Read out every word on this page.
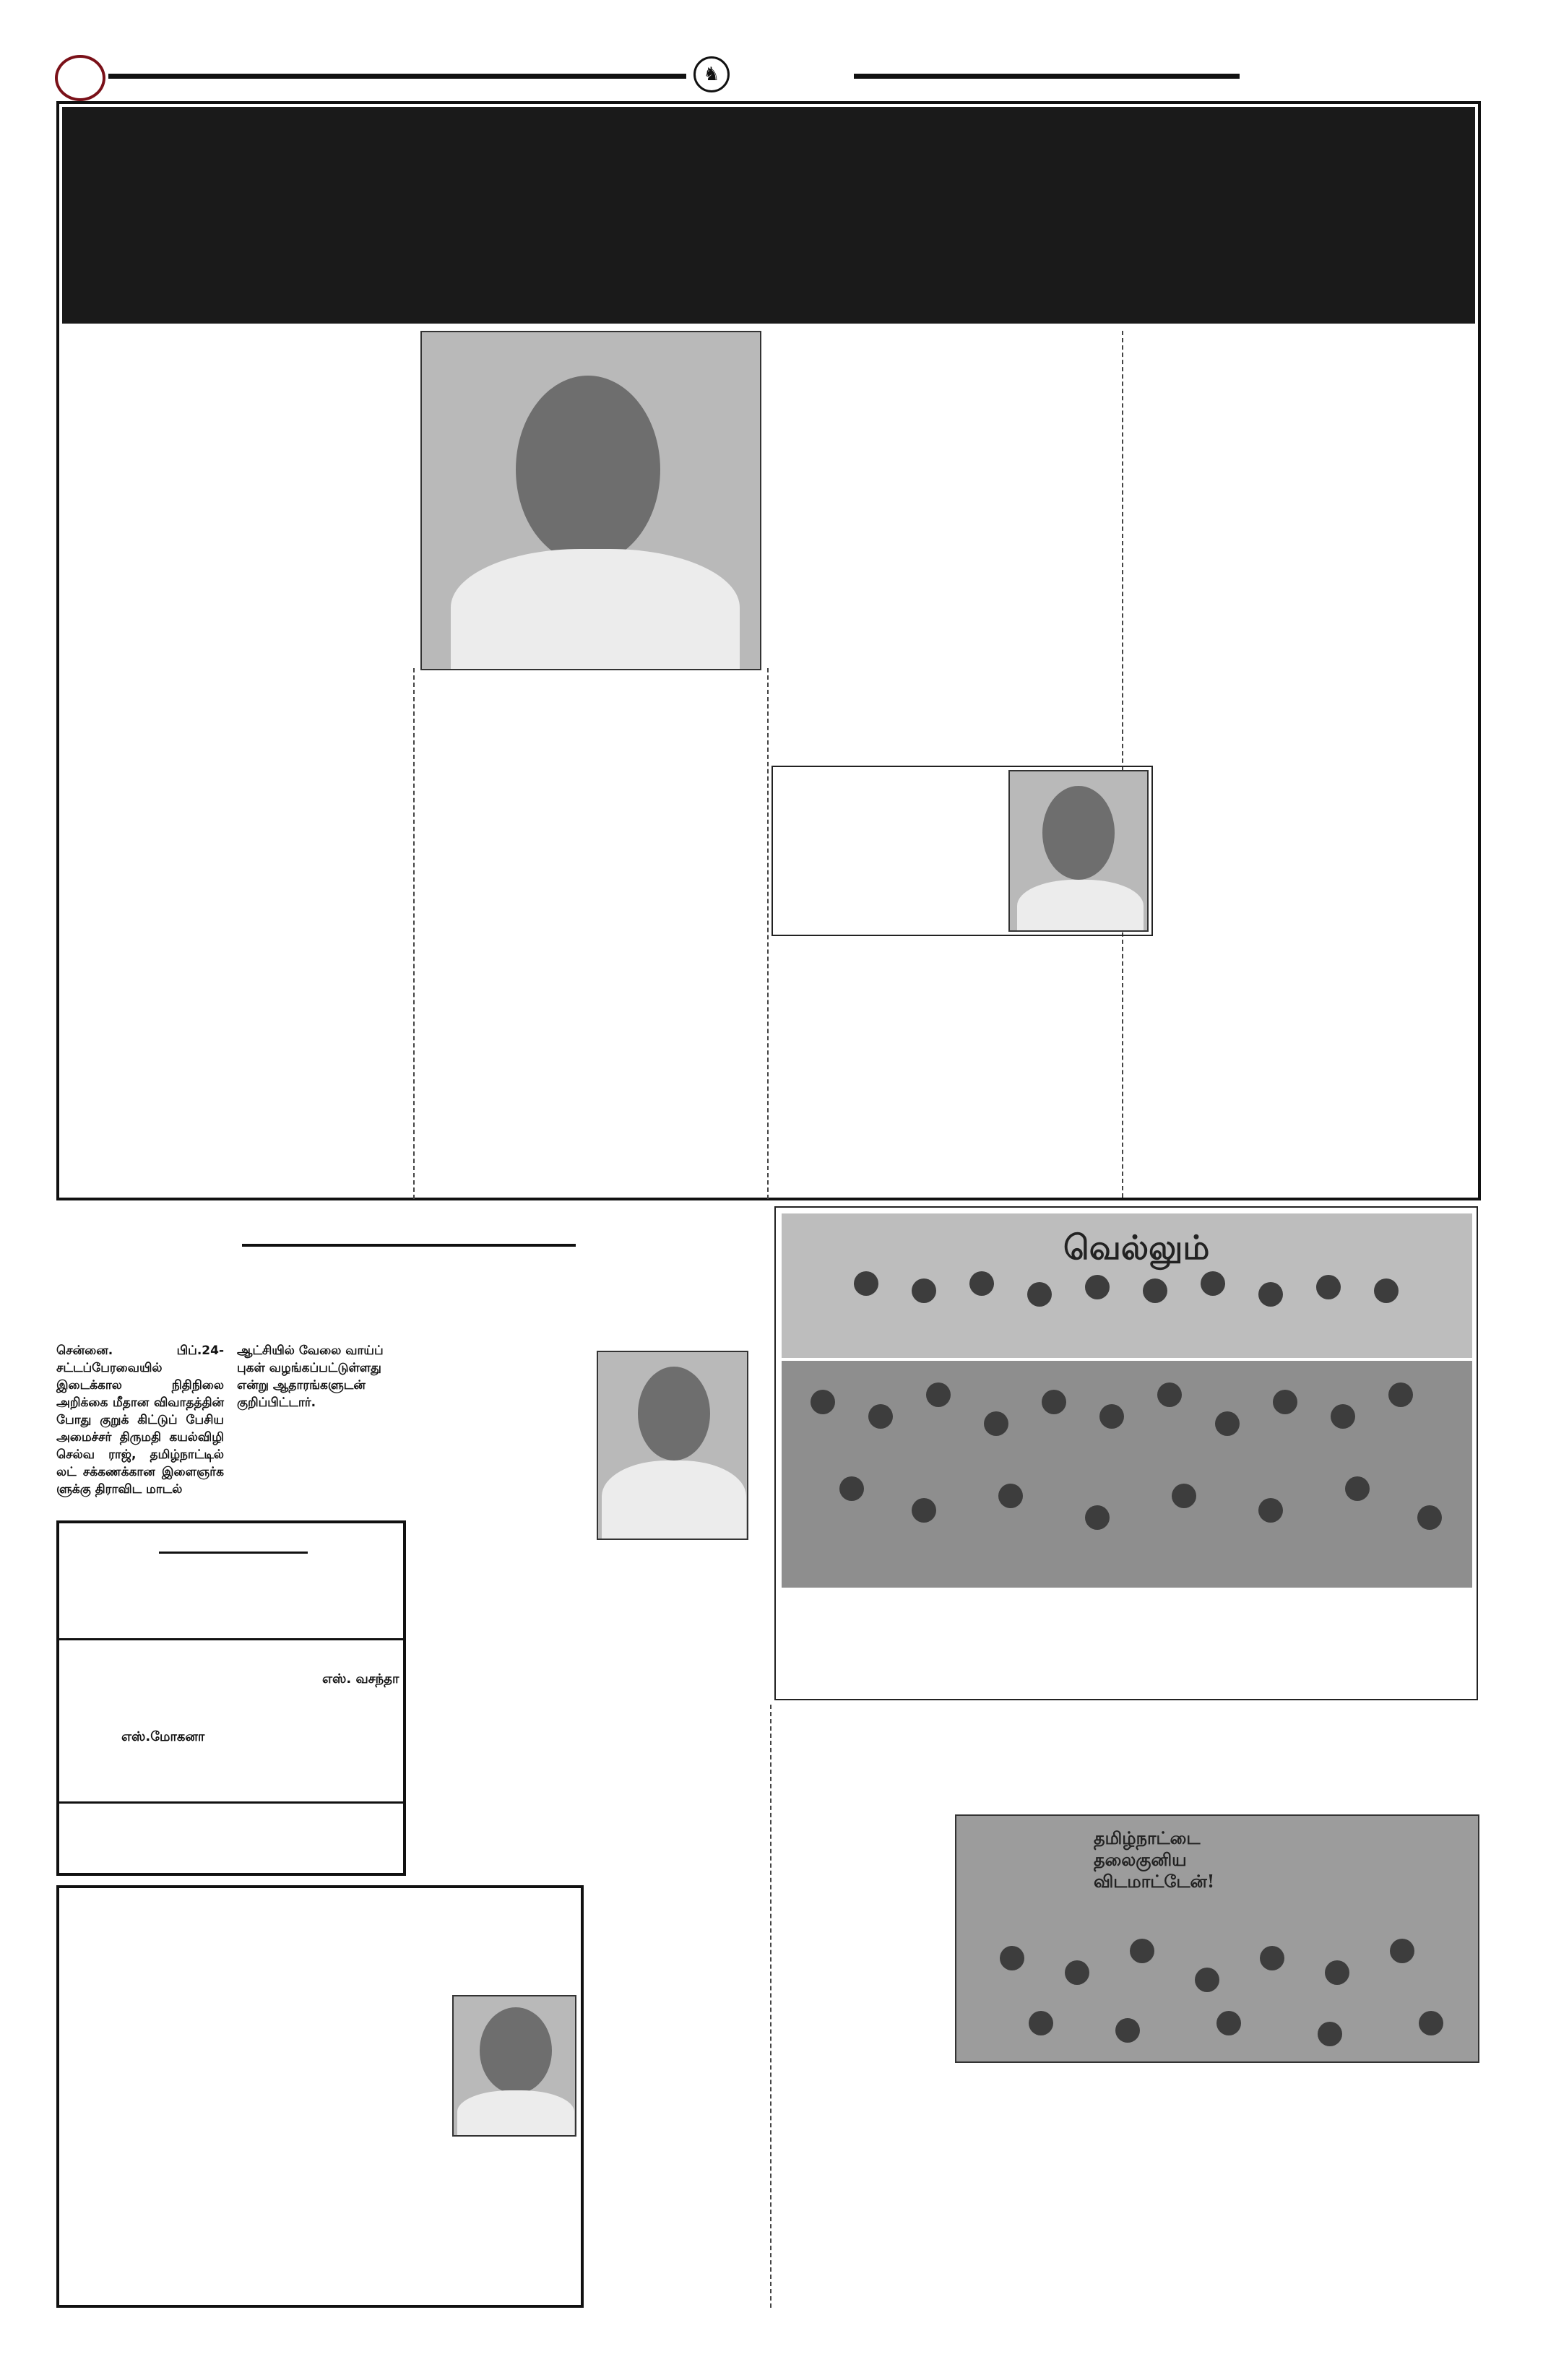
♞
சென்னை. பிப்.24- சட்டப்பேரவையில் இடைக்கால நிதிநிலை அறிக்கை மீதான விவாதத்தின் போது குறுக் கிட்டுப் பேசிய அமைச்சர் திருமதி கயல்விழி செல்வ ராஜ், தமிழ்நாட்டில் லட் சக்கணக்கான இளைஞர்க ளுக்கு திராவிட மாடல்
ஆட்சியில் வேலை வாய்ப் புகள் வழங்கப்பட்டுள்ளது என்று ஆதாரங்களுடன் குறிப்பிட்டார்.
எஸ். வசந்தா
எஸ்.மோகனா
வெல்லும்
தமிழ்நாட்டை தலைகுனிய விடமாட்டேன்!
